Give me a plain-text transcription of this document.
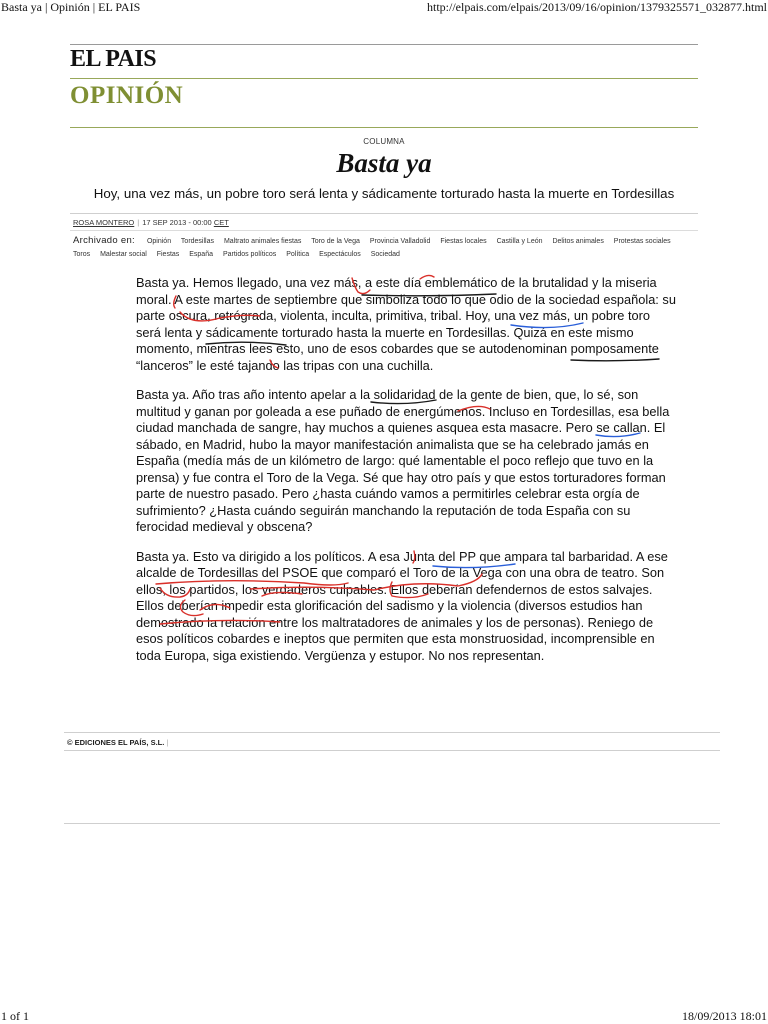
Basta ya | Opinión | EL PAIS	http://elpais.com/elpais/2013/09/16/opinion/1379325571_032877.html
EL PAIS
OPINIÓN
COLUMNA
Basta ya
Hoy, una vez más, un pobre toro será lenta y sádicamente torturado hasta la muerte en Tordesillas
ROSA MONTERO | 17 SEP 2013 - 00:00 CET
Archivado en: Opinión Tordesillas Maltrato animales fiestas Toro de la Vega Provincia Valladolid Fiestas locales Castilla y León Delitos animales Protestas sociales Toros Malestar social Fiestas España Partidos políticos Política Espectáculos Sociedad

Basta ya. Hemos llegado, una vez más, a este día emblemático de la brutalidad y la miseria moral. A este martes de septiembre que simboliza todo lo que odio de la sociedad española: su parte oscura, retrógrada, violenta, inculta, primitiva, tribal. Hoy, una vez más, un pobre toro será lenta y sádicamente torturado hasta la muerte en Tordesillas. Quizá en este mismo momento, mientras lees esto, uno de esos cobardes que se autodenominan pomposamente “lanceros” le esté tajando las tripas con una cuchilla.

Basta ya. Año tras año intento apelar a la solidaridad de la gente de bien, que, lo sé, son multitud y ganan por goleada a ese puñado de energúmenos. Incluso en Tordesillas, esa bella ciudad manchada de sangre, hay muchos a quienes asquea esta masacre. Pero se callan. El sábado, en Madrid, hubo la mayor manifestación animalista que se ha celebrado jamás en España (medía más de un kilómetro de largo: qué lamentable el poco reflejo que tuvo en la prensa) y fue contra el Toro de la Vega. Sé que hay otro país y que estos torturadores forman parte de nuestro pasado. Pero ¿hasta cuándo vamos a permitirles celebrar esta orgía de sufrimiento? ¿Hasta cuándo seguirán manchando la reputación de toda España con su ferocidad medieval y obscena?

Basta ya. Esto va dirigido a los políticos. A esa Junta del PP que ampara tal barbaridad. A ese alcalde de Tordesillas del PSOE que comparó el Toro de la Vega con una obra de teatro. Son ellos, los partidos, los verdaderos culpables. Ellos deberían defendernos de estos salvajes. Ellos deberían impedir esta glorificación del sadismo y la violencia (diversos estudios han demostrado la relación entre los maltratadores de animales y los de personas). Reniego de esos políticos cobardes e ineptos que permiten que esta monstruosidad, incomprensible en toda Europa, siga existiendo. Vergüenza y estupor. No nos representan.

© EDICIONES EL PAÍS, S.L. |
1 of 1	18/09/2013 18:01
